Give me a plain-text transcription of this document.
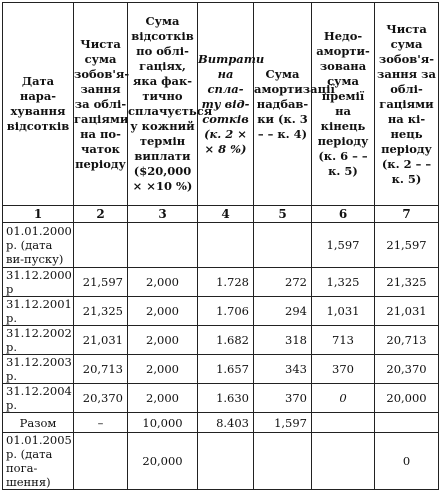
Дата нара-хування відсотків	Чиста сума зобов'я-зання за облі-гаціями на по-чаток періоду	Сума відсотків по облі-гаціях, яка фак-тично сплачується у кожний термін виплати ($20,000 × ×10 %)	Витрати на спла-ту від-сотків (к. 2 × × 8 %)	Сума амортизації надбав-ки (к. 3 – – к. 4)	Недо-аморти-зована сума премії на кінець періоду (к. 6 – – к. 5)	Чиста сума зобов'я-зання за облі-гаціями на кі-нець періоду (к. 2 – – к. 5)
1	2	3	4	5	6	7
01.01.2000 р. (дата ви-пуску)					1,597	21,597
31.12.2000 р	21,597	2,000	1.728	272	1,325	21,325
31.12.2001 р.	21,325	2,000	1.706	294	1,031	21,031
31.12.2002 р.	21,031	2,000	1.682	318	713	20,713
31.12.2003 р.	20,713	2,000	1.657	343	370	20,370
31.12.2004 р.	20,370	2,000	1.630	370	0	20,000
Разом	–	10,000	8.403	1,597		
01.01.2005 р. (дата пога-шення)		20,000				0
